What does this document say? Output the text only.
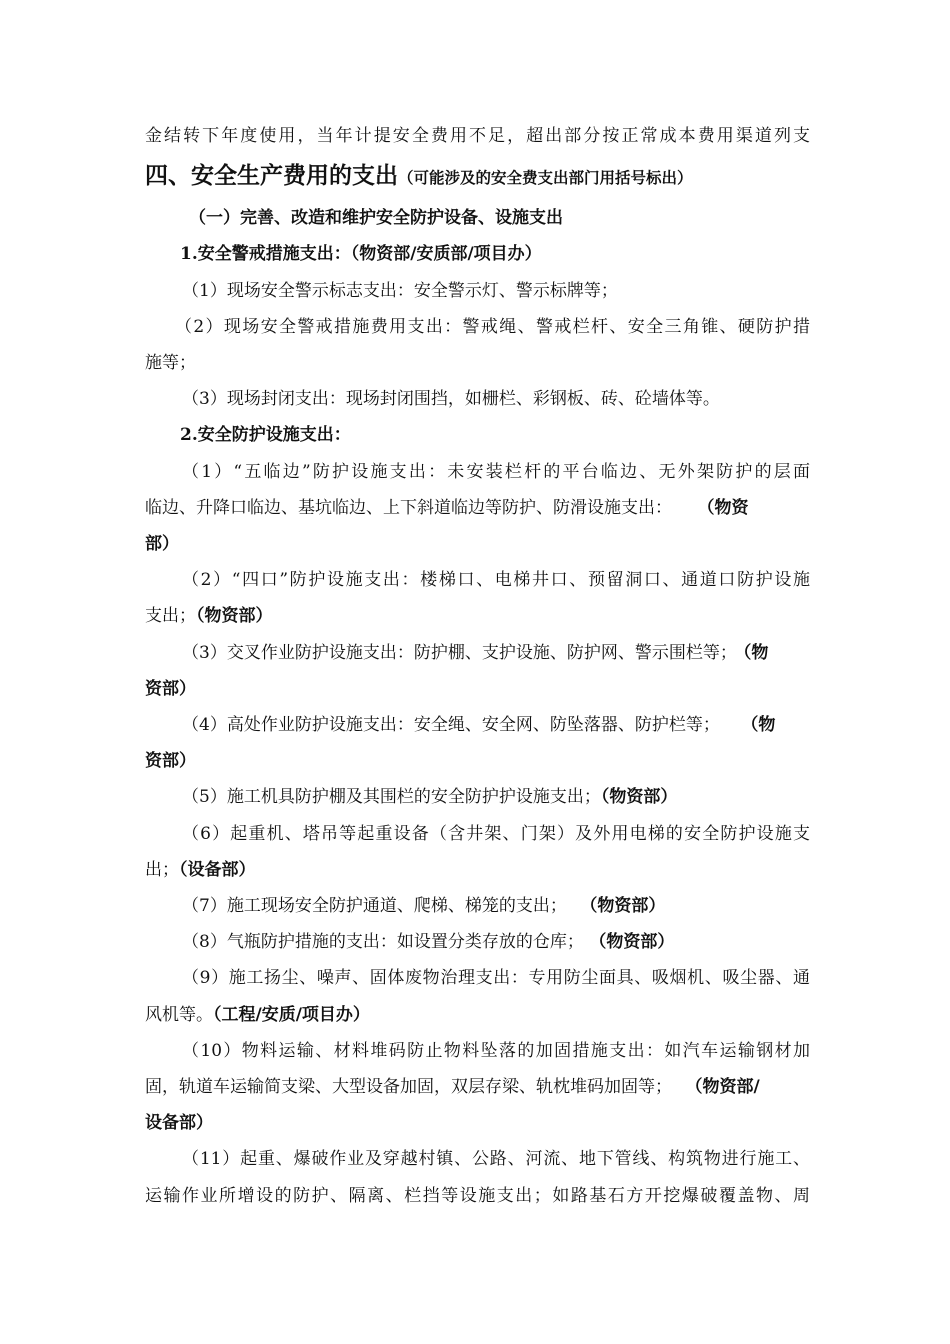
金结转下年度使用，当年计提安全费用不足，超出部分按正常成本费用渠道列支

四、安全生产费用的支出（可能涉及的安全费支出部门用括号标出）

（一）完善、改造和维护安全防护设备、设施支出

1.安全警戒措施支出：（物资部/安质部/项目办）

（1）现场安全警示标志支出：安全警示灯、警示标牌等；

（2）现场安全警戒措施费用支出：警戒绳、警戒栏杆、安全三角锥、硬防护措

施等；

（3）现场封闭支出：现场封闭围挡，如栅栏、彩钢板、砖、砼墙体等。

2.安全防护设施支出：

（1）“五临边”防护设施支出：未安装栏杆的平台临边、无外架防护的层面

临边、升降口临边、基坑临边、上下斜道临边等防护、防滑设施支出： （物资

部）

（2）“四口”防护设施支出：楼梯口、电梯井口、预留洞口、通道口防护设施

支出；（物资部）

（3）交叉作业防护设施支出：防护棚、支护设施、防护网、警示围栏等； （物

资部）

（4）高处作业防护设施支出：安全绳、安全网、防坠落器、防护栏等； （物

资部）

（5）施工机具防护棚及其围栏的安全防护护设施支出；（物资部）

（6）起重机、塔吊等起重设备（含井架、门架）及外用电梯的安全防护设施支

出；（设备部）

（7）施工现场安全防护通道、爬梯、梯笼的支出； （物资部）

（8）气瓶防护措施的支出：如设置分类存放的仓库； （物资部）

（9）施工扬尘、噪声、固体废物治理支出：专用防尘面具、吸烟机、吸尘器、通

风机等。（工程/安质/项目办）

（10）物料运输、材料堆码防止物料坠落的加固措施支出：如汽车运输钢材加

固，轨道车运输简支梁、大型设备加固，双层存梁、轨枕堆码加固等； （物资部/

设备部）

（11）起重、爆破作业及穿越村镇、公路、河流、地下管线、构筑物进行施工、

运输作业所增设的防护、隔离、栏挡等设施支出；如路基石方开挖爆破覆盖物、周
